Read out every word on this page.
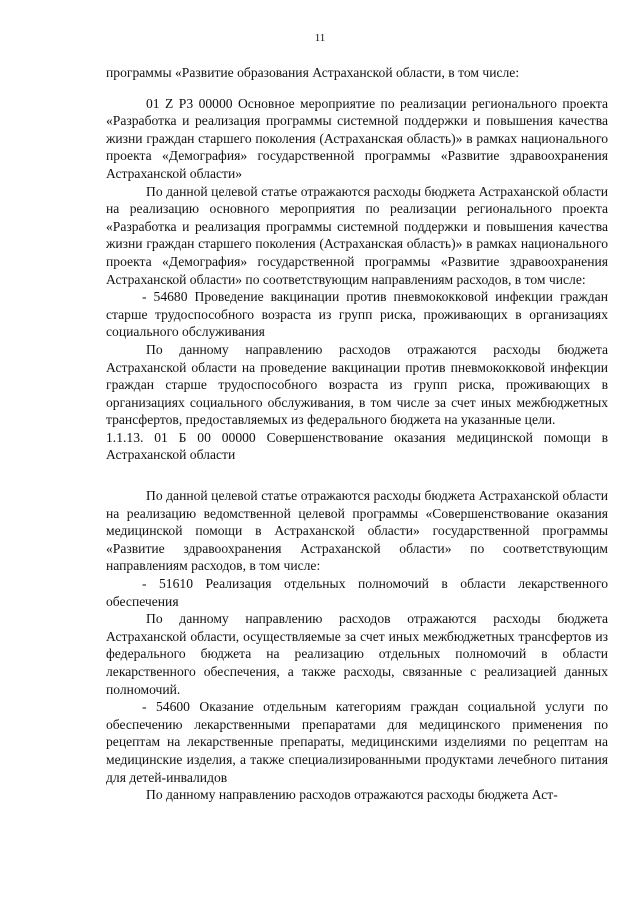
11

программы «Развитие образования Астраханской области, в том числе:

01 Z P3 00000 Основное мероприятие по реализации регионального проекта «Разработка и реализация программы системной поддержки и повышения качества жизни граждан старшего поколения (Астраханская область)» в рамках национального проекта «Демография» государственной программы «Развитие здравоохранения Астраханской области»

По данной целевой статье отражаются расходы бюджета Астраханской области на реализацию основного мероприятия по реализации регионального проекта «Разработка и реализация программы системной поддержки и повышения качества жизни граждан старшего поколения (Астраханская область)» в рамках национального проекта «Демография» государственной программы «Развитие здравоохранения Астраханской области» по соответствующим направлениям расходов, в том числе:

- 54680 Проведение вакцинации против пневмококковой инфекции граждан старше трудоспособного возраста из групп риска, проживающих в организациях социального обслуживания

По данному направлению расходов отражаются расходы бюджета Астраханской области на проведение вакцинации против пневмококковой инфекции граждан старше трудоспособного возраста из групп риска, проживающих в организациях социального обслуживания, в том числе за счет иных межбюджетных трансфертов, предоставляемых из федерального бюджета на указанные цели.

1.1.13. 01 Б 00 00000 Совершенствование оказания медицинской помощи в Астраханской области

По данной целевой статье отражаются расходы бюджета Астраханской области на реализацию ведомственной целевой программы «Совершенствование оказания медицинской помощи в Астраханской области» государственной программы «Развитие здравоохранения Астраханской области» по соответствующим направлениям расходов, в том числе:

- 51610 Реализация отдельных полномочий в области лекарственного обеспечения

По данному направлению расходов отражаются расходы бюджета Астраханской области, осуществляемые за счет иных межбюджетных трансфертов из федерального бюджета на реализацию отдельных полномочий в области лекарственного обеспечения, а также расходы, связанные с реализацией данных полномочий.

- 54600 Оказание отдельным категориям граждан социальной услуги по обеспечению лекарственными препаратами для медицинского применения по рецептам на лекарственные препараты, медицинскими изделиями по рецептам на медицинские изделия, а также специализированными продуктами лечебного питания для детей-инвалидов

По данному направлению расходов отражаются расходы бюджета Аст-
